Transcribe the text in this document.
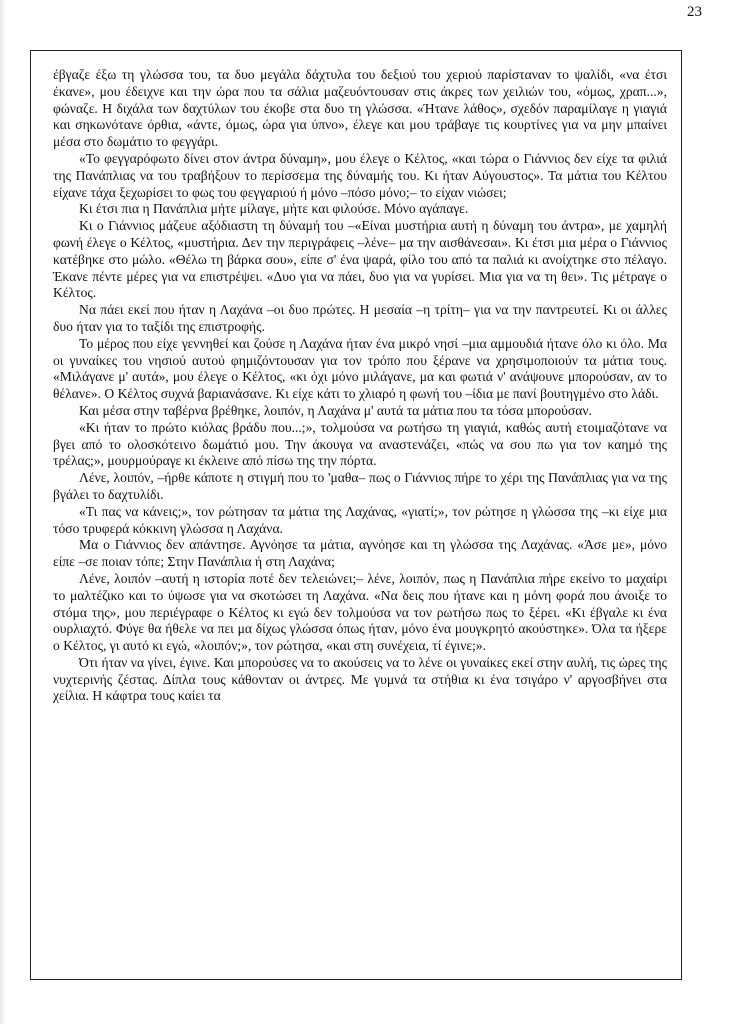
23

έβγαζε έξω τη γλώσσα του, τα δυο μεγάλα δάχτυλα του δεξιού του χεριού παρίσταναν το ψαλίδι, «να έτσι έκανε», μου έδειχνε και την ώρα που τα σάλια μαζευόντουσαν στις άκρες των χειλιών του, «όμως, χραπ...», φώναζε. Η διχάλα των δαχτύλων του έκοβε στα δυο τη γλώσσα. «Ήτανε λάθος», σχεδόν παραμίλαγε η γιαγιά και σηκωνότανε όρθια, «άντε, όμως, ώρα για ύπνο», έλεγε και μου τράβαγε τις κουρτίνες για να μην μπαίνει μέσα στο δωμάτιο το φεγγάρι.

«Το φεγγαρόφωτο δίνει στον άντρα δύναμη», μου έλεγε ο Κέλτος, «και τώρα ο Γιάννιος δεν είχε τα φιλιά της Πανάπλιας να του τραβήξουν το περίσσεμα της δύναμής του. Κι ήταν Αύγουστος». Τα μάτια του Κέλτου είχανε τάχα ξεχωρίσει το φως του φεγγαριού ή μόνο –πόσο μόνο;– το είχαν νιώσει;

Κι έτσι πια η Πανάπλια μήτε μίλαγε, μήτε και φιλούσε. Μόνο αγάπαγε.

Κι ο Γιάννιος μάζευε αξόδιαστη τη δύναμή του –«Είναι μυστήρια αυτή η δύναμη του άντρα», με χαμηλή φωνή έλεγε ο Κέλτος, «μυστήρια. Δεν την περιγράφεις –λένε– μα την αισθάνεσαι». Κι έτσι μια μέρα ο Γιάννιος κατέβηκε στο μώλο. «Θέλω τη βάρκα σου», είπε σ' ένα ψαρά, φίλο του από τα παλιά κι ανοίχτηκε στο πέλαγο. Έκανε πέντε μέρες για να επιστρέψει. «Δυο για να πάει, δυο για να γυρίσει. Μια για να τη θει». Τις μέτραγε ο Κέλτος.

Να πάει εκεί που ήταν η Λαχάνα –οι δυο πρώτες. Η μεσαία –η τρίτη– για να την παντρευτεί. Κι οι άλλες δυο ήταν για το ταξίδι της επιστροφής.

Το μέρος που είχε γεννηθεί και ζούσε η Λαχάνα ήταν ένα μικρό νησί –μια αμμουδιά ήτανε όλο κι όλο. Μα οι γυναίκες του νησιού αυτού φημιζόντουσαν για τον τρόπο που ξέρανε να χρησιμοποιούν τα μάτια τους. «Μιλάγανε μ' αυτά», μου έλεγε ο Κέλτος, «κι όχι μόνο μιλάγανε, μα και φωτιά ν' ανάψουνε μπορούσαν, αν το θέλανε». Ο Κέλτος συχνά βαριανάσανε. Κι είχε κάτι το χλιαρό η φωνή του –ίδια με πανί βουτηγμένο στο λάδι.

Και μέσα στην ταβέρνα βρέθηκε, λοιπόν, η Λαχάνα μ' αυτά τα μάτια που τα τόσα μπορούσαν.

«Κι ήταν το πρώτο κιόλας βράδυ που...;», τολμούσα να ρωτήσω τη γιαγιά, καθώς αυτή ετοιμαζότανε να βγει από το ολοσκότεινο δωμάτιό μου. Την άκουγα να αναστενάζει, «πώς να σου πω για τον καημό της τρέλας;», μουρμούραγε κι έκλεινε από πίσω της την πόρτα.

Λένε, λοιπόν, –ήρθε κάποτε η στιγμή που το 'μαθα– πως ο Γιάννιος πήρε το χέρι της Πανάπλιας για να της βγάλει το δαχτυλίδι.

«Τι πας να κάνεις;», τον ρώτησαν τα μάτια της Λαχάνας, «γιατί;», τον ρώτησε η γλώσσα της –κι είχε μια τόσο τρυφερά κόκκινη γλώσσα η Λαχάνα.

Μα ο Γιάννιος δεν απάντησε. Αγνόησε τα μάτια, αγνόησε και τη γλώσσα της Λαχάνας. «Άσε με», μόνο είπε –σε ποιαν τόπε; Στην Πανάπλια ή στη Λαχάνα;

Λένε, λοιπόν –αυτή η ιστορία ποτέ δεν τελειώνει;– λένε, λοιπόν, πως η Πανάπλια πήρε εκείνο το μαχαίρι το μαλτέζικο και το ύψωσε για να σκοτώσει τη Λαχάνα. «Να δεις που ήτανε και η μόνη φορά που άνοιξε το στόμα της», μου περιέγραφε ο Κέλτος κι εγώ δεν τολμούσα να τον ρωτήσω πως το ξέρει. «Κι έβγαλε κι ένα ουρλιαχτό. Φύγε θα ήθελε να πει μα δίχως γλώσσα όπως ήταν, μόνο ένα μουγκρητό ακούστηκε». Όλα τα ήξερε ο Κέλτος, γι αυτό κι εγώ, «λοιπόν;», τον ρώτησα, «και στη συνέχεια, τί έγινε;».

Ότι ήταν να γίνει, έγινε. Και μπορούσες να το ακούσεις να το λένε οι γυναίκες εκεί στην αυλή, τις ώρες της νυχτερινής ζέστας. Δίπλα τους κάθονταν οι άντρες. Με γυμνά τα στήθια κι ένα τσιγάρο ν' αργοσβήνει στα χείλια. Η κάφτρα τους καίει τα
